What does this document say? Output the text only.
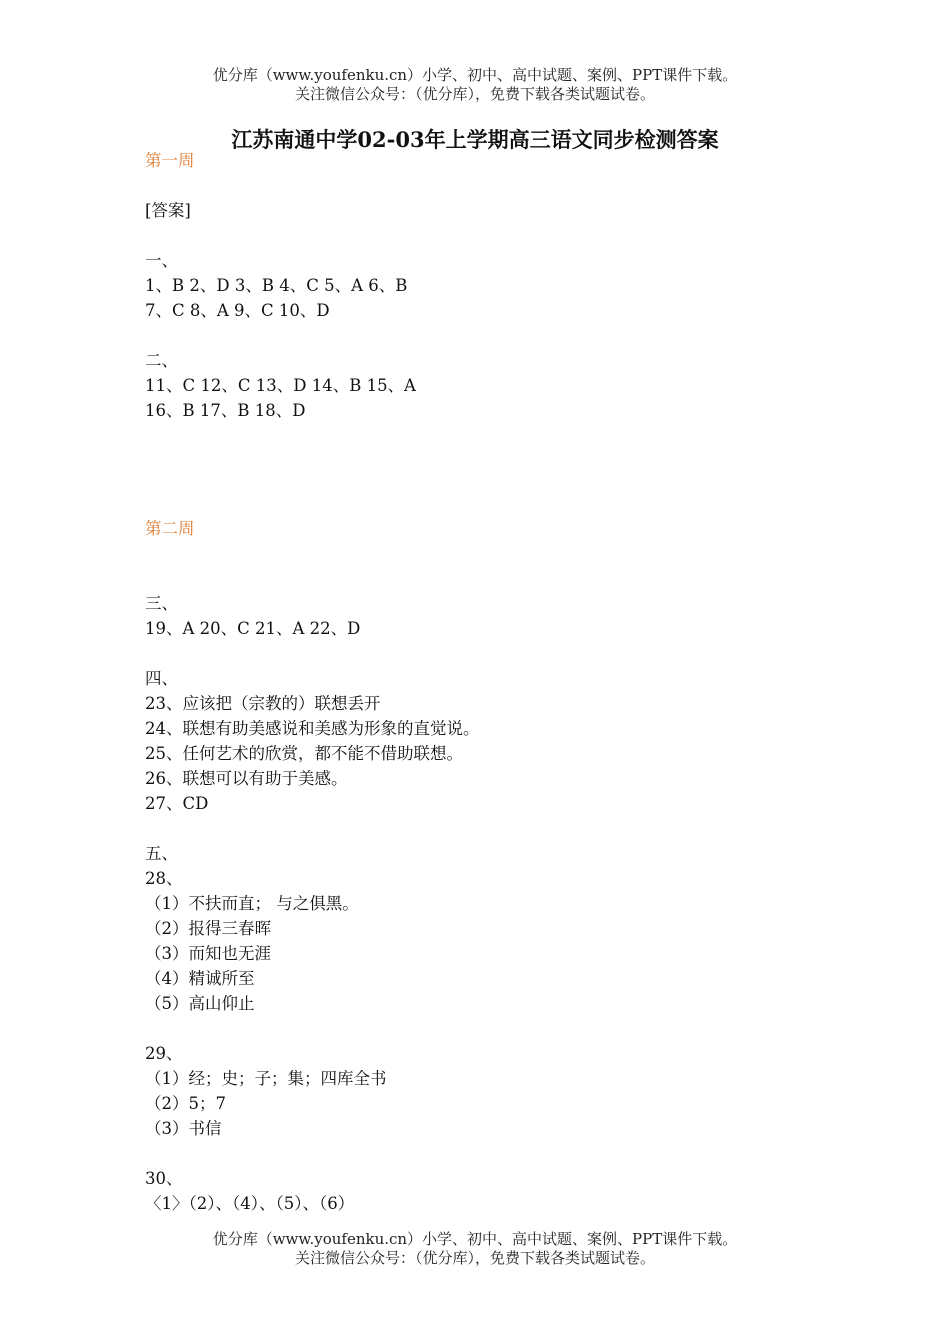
优分库（www.youfenku.cn）小学、初中、高中试题、案例、PPT课件下载。
关注微信公众号：（优分库），免费下载各类试题试卷。
江苏南通中学02-03年上学期高三语文同步检测答案
第一周
[答案]
一、
1、B 2、D 3、B 4、C 5、A 6、B
7、C 8、A 9、C 10、D
二、
11、C 12、C 13、D 14、B 15、A
16、B 17、B 18、D
第二周
三、
19、A 20、C 21、A 22、D
四、
23、应该把（宗教的）联想丢开
24、联想有助美感说和美感为形象的直觉说。
25、任何艺术的欣赏，都不能不借助联想。
26、联想可以有助于美感。
27、CD
五、
28、
（1）不扶而直； 与之俱黑。
（2）报得三春晖
（3）而知也无涯
（4）精诚所至
（5）高山仰止
29、
（1）经；史；子；集；四库全书
（2）5；7
（3）书信
30、
〈1〉（2）、（4）、（5）、（6）
优分库（www.youfenku.cn）小学、初中、高中试题、案例、PPT课件下载。
关注微信公众号：（优分库），免费下载各类试题试卷。
